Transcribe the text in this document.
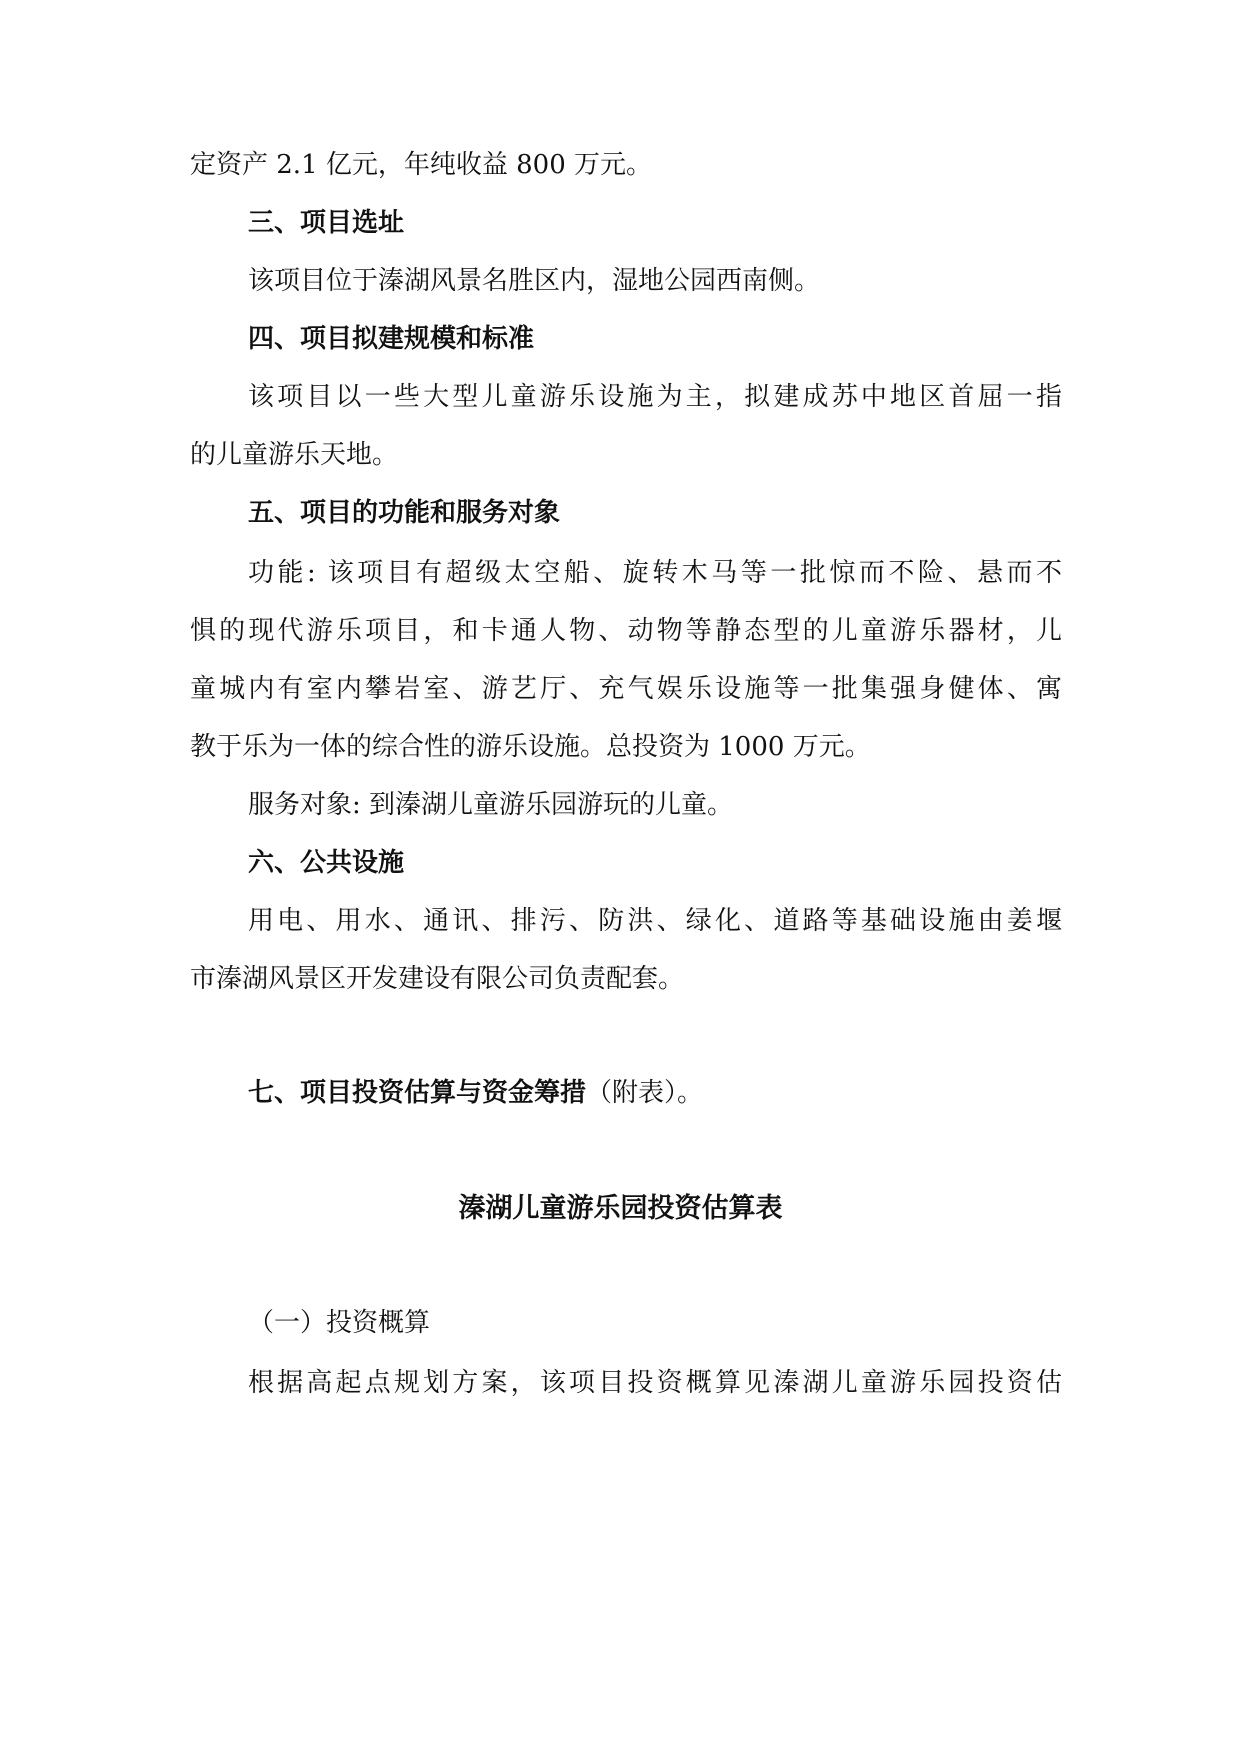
定资产 2.1 亿元，年纯收益 800 万元。

三、项目选址

该项目位于溱湖风景名胜区内，湿地公园西南侧。

四、项目拟建规模和标准

该项目以一些大型儿童游乐设施为主，拟建成苏中地区首屈一指

的儿童游乐天地。

五、项目的功能和服务对象

功能: 该项目有超级太空船、旋转木马等一批惊而不险、悬而不

惧的现代游乐项目，和卡通人物、动物等静态型的儿童游乐器材，儿

童城内有室内攀岩室、游艺厅、充气娱乐设施等一批集强身健体、寓

教于乐为一体的综合性的游乐设施。总投资为 1000 万元。

服务对象: 到溱湖儿童游乐园游玩的儿童。

六、公共设施

用电、用水、通讯、排污、防洪、绿化、道路等基础设施由姜堰

市溱湖风景区开发建设有限公司负责配套。

七、项目投资估算与资金筹措（附表）。

溱湖儿童游乐园投资估算表

（一）投资概算

根据高起点规划方案，该项目投资概算见溱湖儿童游乐园投资估
